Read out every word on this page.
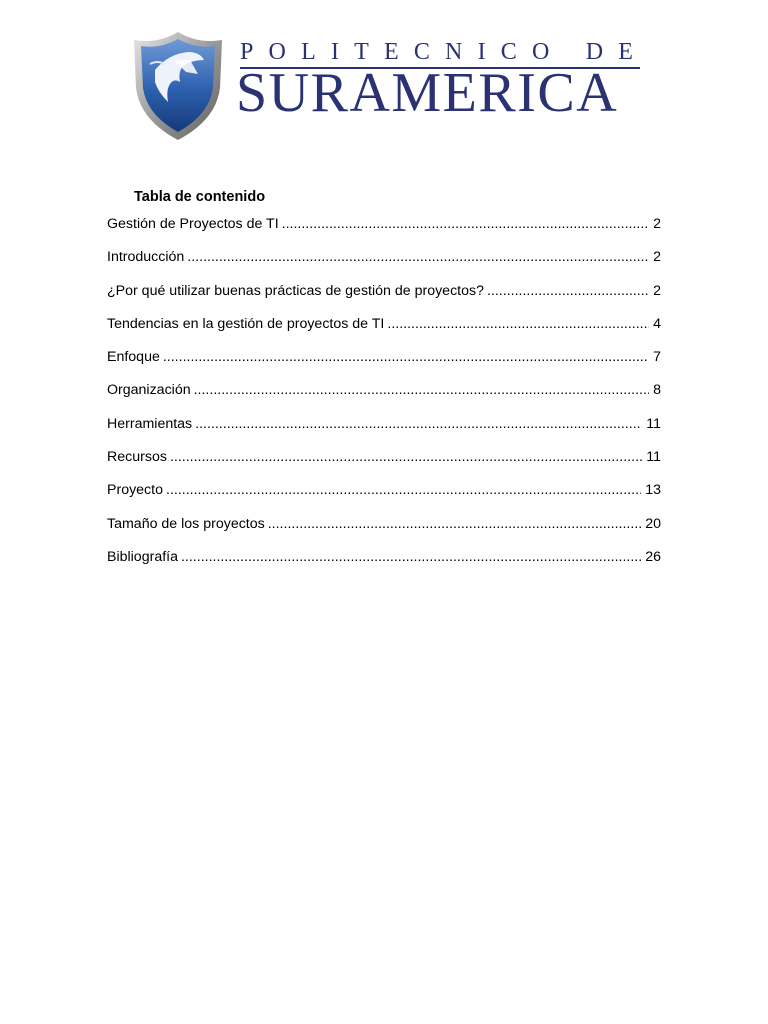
POLITECNICO DE
SURAMERICA
Tabla de contenido
Gestión de Proyectos de TI .....	2
Introducción .....	2
¿Por qué utilizar buenas prácticas de gestión de proyectos? .....	2
Tendencias en la gestión de proyectos de TI .....	4
Enfoque .....	7
Organización .....	8
Herramientas .....	11
Recursos .....	11
Proyecto .....	13
Tamaño de los proyectos .....	20
Bibliografía .....	26
